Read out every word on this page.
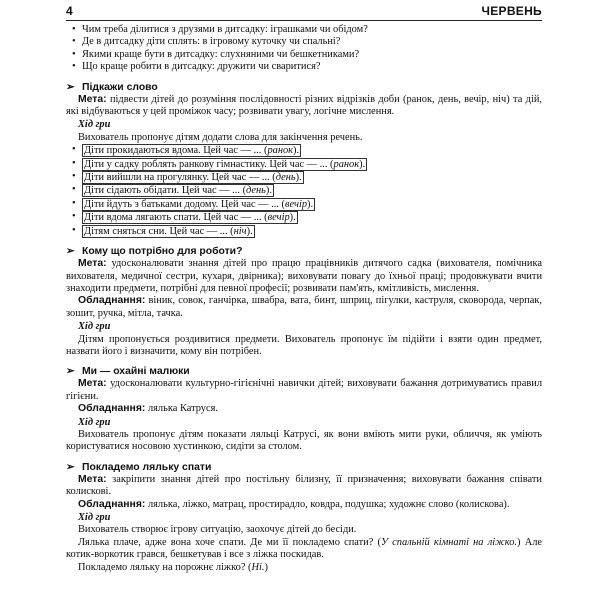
4	ЧЕРВЕНЬ
• Чим треба ділитися з друзями в дитсадку: іграшками чи обідом?
• Де в дитсадку діти сплять: в ігровому куточку чи спальні?
• Якими краще бути в дитсадку: слухняними чи бешкетниками?
• Що краще робити в дитсадку: дружити чи сваритися?
➢ Підкажи слово
Мета: підвести дітей до розуміння послідовності різних відрізків доби (ранок, день, вечір, ніч) та дій, які відбуваються у цей проміжок часу; розвивати увагу, логічне мислення.
Хід гри
Вихователь пропонує дітям додати слова для закінчення речень.
• Діти прокидаються вдома. Цей час — ... (ранок).
• Діти у садку роблять ранкову гімнастику. Цей час — ... (ранок).
• Діти вийшли на прогулянку. Цей час — ... (день).
• Діти сідають обідати. Цей час — ... (день).
• Діти йдуть з батьками додому. Цей час — ... (вечір).
• Діти вдома лягають спати. Цей час — ... (вечір).
• Дітям сняться сни. Цей час — ... (ніч).
➢ Кому що потрібно для роботи?
Мета: удосконалювати знання дітей про працю працівників дитячого садка (вихователя, помічника вихователя, медичної сестри, кухаря, двірника); виховувати повагу до їхньої праці; продовжувати вчити знаходити предмети, потрібні для певної професії; розвивати пам'ять, кмітливість, мислення.
Обладнання: віник, совок, ганчірка, швабра, вата, бинт, шприц, пігулки, каструля, сковорода, черпак, зошит, ручка, мітла, тачка.
Хід гри
Дітям пропонується роздивитися предмети. Вихователь пропонує їм підійти і взяти один предмет, назвати його і визначити, кому він потрібен.
➢ Ми — охайні малюки
Мета: удосконалювати культурно-гігієнічні навички дітей; виховувати бажання дотримуватись правил гігієни.
Обладнання: лялька Катруся.
Хід гри
Вихователь пропонує дітям показати ляльці Катрусі, як вони вміють мити руки, обличчя, як уміють користуватися носовою хустинкою, сидіти за столом.
➢ Покладемо ляльку спати
Мета: закріпити знання дітей про постільну білизну, її призначення; виховувати бажання співати колискові.
Обладнання: лялька, ліжко, матрац, простирадло, ковдра, подушка; художнє слово (колискова).
Хід гри
Вихователь створює ігрову ситуацію, заохочує дітей до бесіди.
Лялька плаче, адже вона хоче спати. Де ми її покладемо спати? (У спальній кімнаті на ліжко.) Але котик-воркотик грався, бешкетував і все з ліжка поскидав.
Покладемо ляльку на порожнє ліжко? (Ні.)
